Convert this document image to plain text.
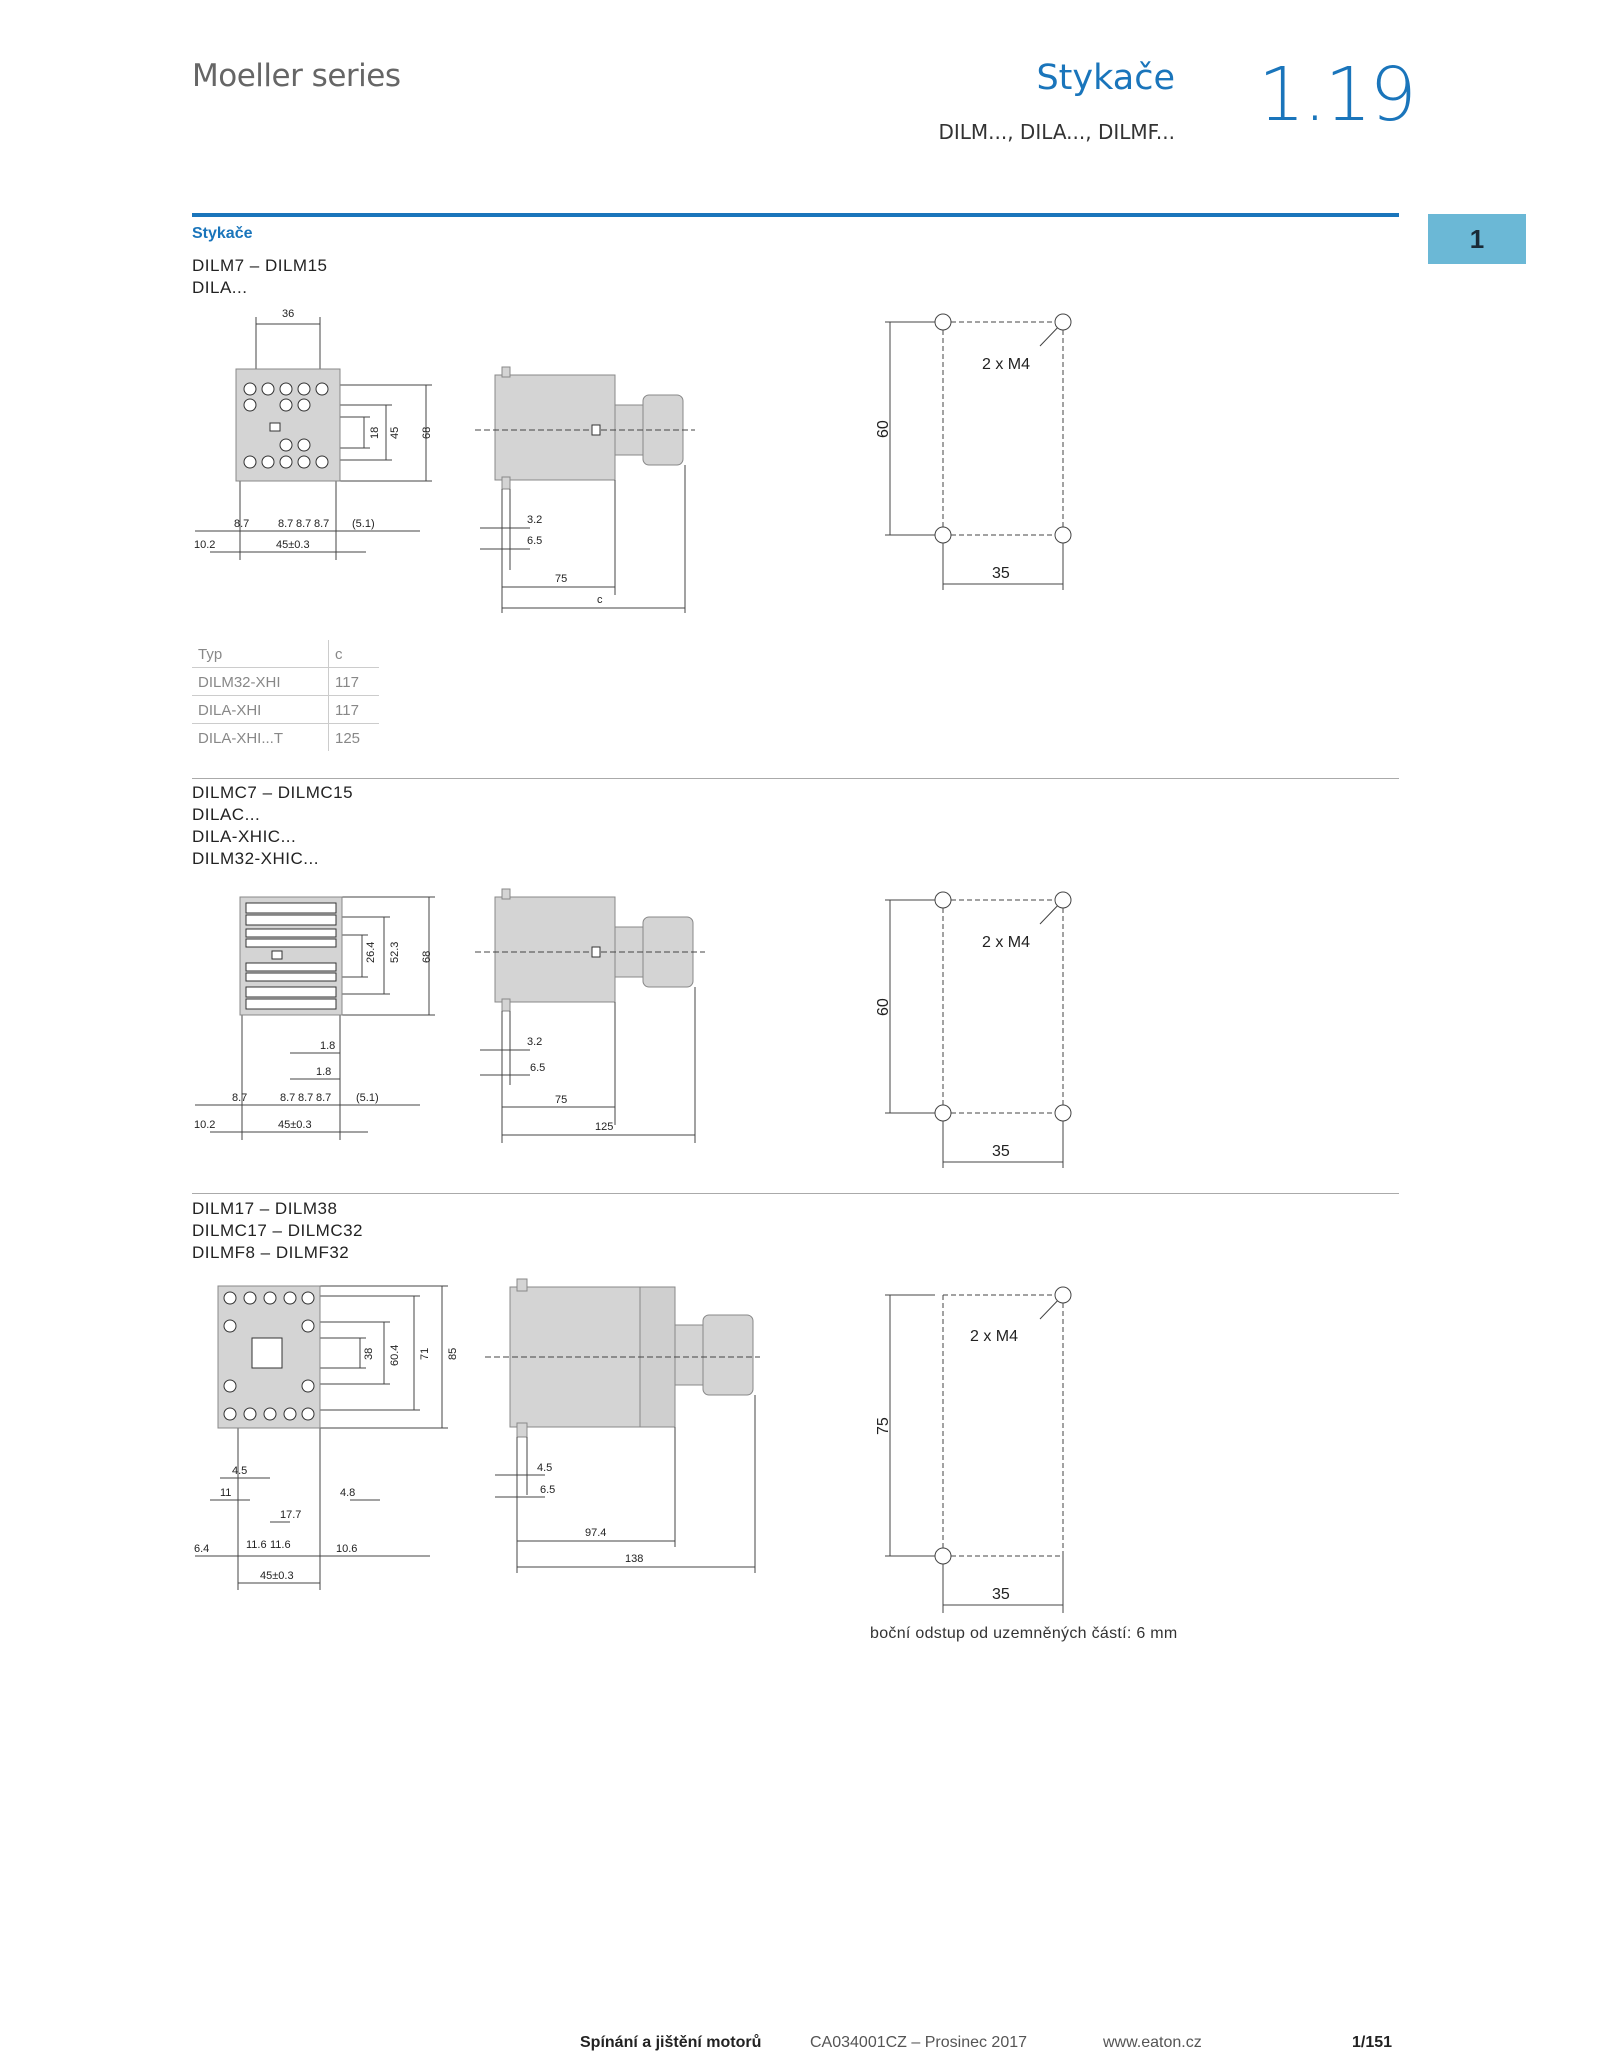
Moeller series	Stykače
DILM..., DILA..., DILMF... 1.19
1
Stykače
DILM7 – DILM15
DILA...
36
18 45 68
8.7	8.7 8.7 8.7 (5.1)
10.2	45±0.3
3.2
6.5
75
c
2 x M4
60
35
Typ	c
DILM32-XHI	117
DILA-XHI	117
DILA-XHI...T	125
DILMC7 – DILMC15
DILAC...
DILA-XHIC...
DILM32-XHIC...
26.4 52.3 68
1.8
1.8
8.7	8.7 8.7 8.7 (5.1)
10.2	45±0.3
3.2
6.5
75
125
2 x M4
60
35
DILM17 – DILM38
DILMC17 – DILMC32
DILMF8 – DILMF32
38 60.4 71 85
4.5
11	4.8
17.7
6.4	11.6 11.6	10.6
45±0.3
4.5
6.5
97.4
138
2 x M4
75
35
boční odstup od uzemněných částí: 6 mm
Spínání a jištění motorů	CA034001CZ – Prosinec 2017	www.eaton.cz	1/151
